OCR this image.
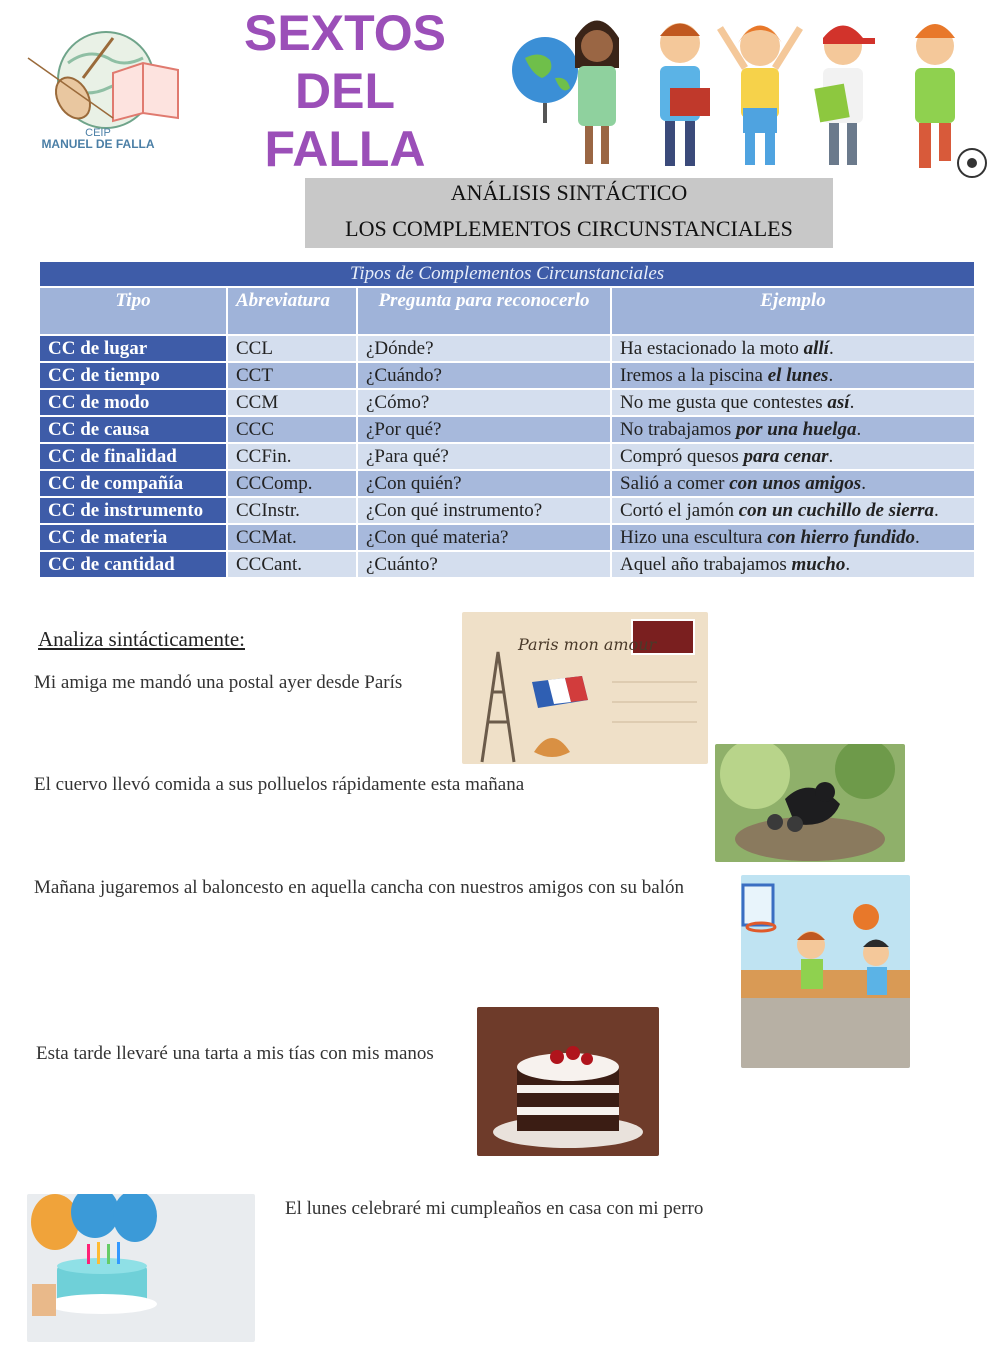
CEIP
MANUEL DE FALLA
SEXTOS
DEL
FALLA
ANÁLISIS SINTÁCTICO
LOS COMPLEMENTOS CIRCUNSTANCIALES
Tipos de Complementos Circunstanciales			
Tipo	Abreviatura	Pregunta para reconocerlo	Ejemplo
CC de lugar	CCL	¿Dónde?	Ha estacionado la moto allí.
CC de tiempo	CCT	¿Cuándo?	Iremos a la piscina el lunes.
CC de modo	CCM	¿Cómo?	No me gusta que contestes así.
CC de causa	CCC	¿Por qué?	No trabajamos por una huelga.
CC de finalidad	CCFin.	¿Para qué?	Compró quesos para cenar.
CC de compañía	CCComp.	¿Con quién?	Salió a comer con unos amigos.
CC de instrumento	CCInstr.	¿Con qué instrumento?	Cortó el jamón con un cuchillo de sierra.
CC de materia	CCMat.	¿Con qué materia?	Hizo una escultura con hierro fundido.
CC de cantidad	CCCant.	¿Cuánto?	Aquel año trabajamos mucho.
Analiza sintácticamente:
Mi amiga me mandó una postal ayer desde París
El cuervo llevó comida a sus polluelos rápidamente esta mañana
Mañana jugaremos al baloncesto en aquella cancha con nuestros amigos con su balón
Esta tarde llevaré una tarta a mis tías con mis manos
El lunes celebraré mi cumpleaños en casa con mi perro
Paris mon amour
